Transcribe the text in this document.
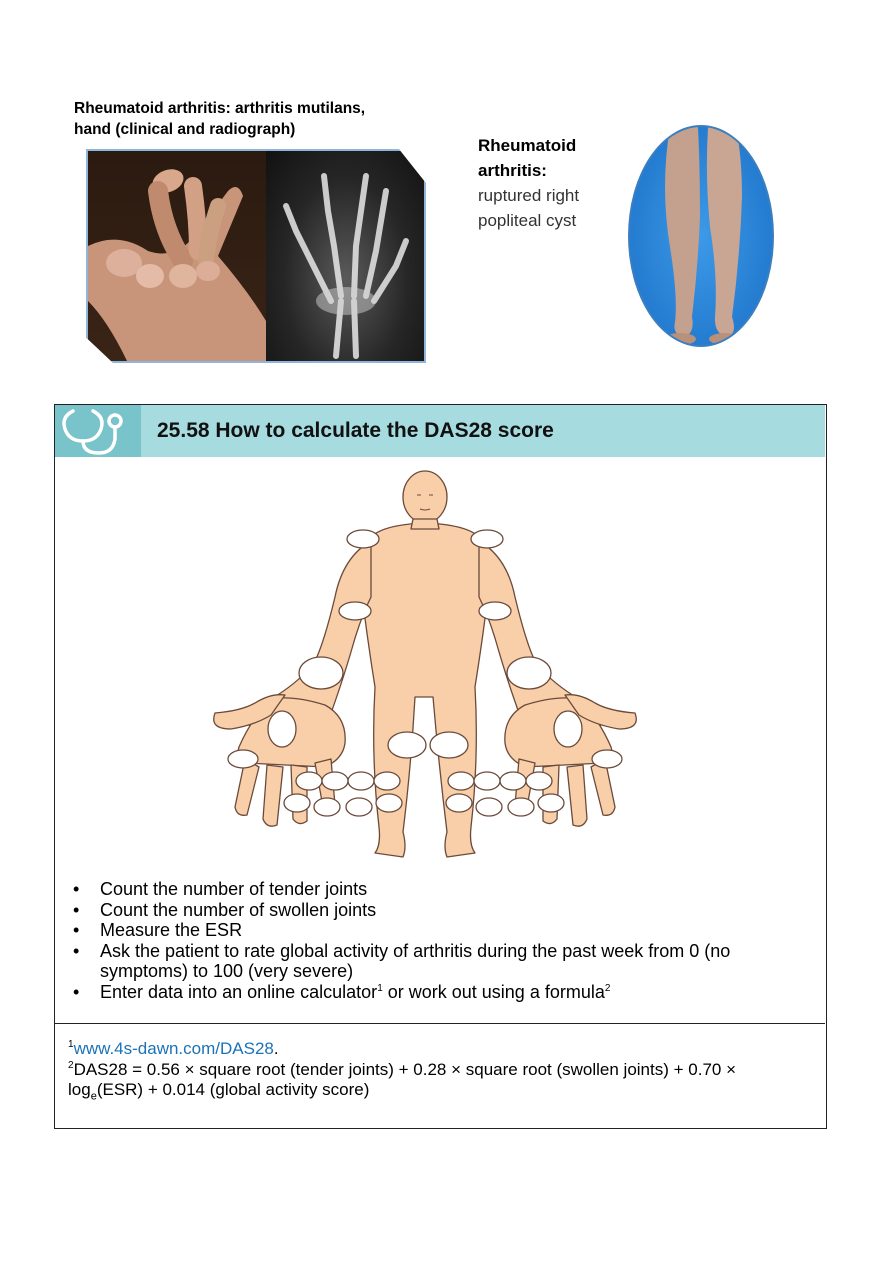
Rheumatoid arthritis: arthritis mutilans,
hand (clinical and radiograph)
Rheumatoid
arthritis:
ruptured right
popliteal cyst
25.58 How to calculate the DAS28 score
• Count the number of tender joints
• Count the number of swollen joints
• Measure the ESR
• Ask the patient to rate global activity of arthritis during the past week from 0 (no symptoms) to 100 (very severe)
• Enter data into an online calculator$^1$ or work out using a formula$^2$
$^1$www.4s-dawn.com/DAS28.
$^2$DAS28 = 0.56 × square root (tender joints) + 0.28 × square root (swollen joints) + $0.70 \times \log_e(ESR) + 0.014$ (global activity score)
